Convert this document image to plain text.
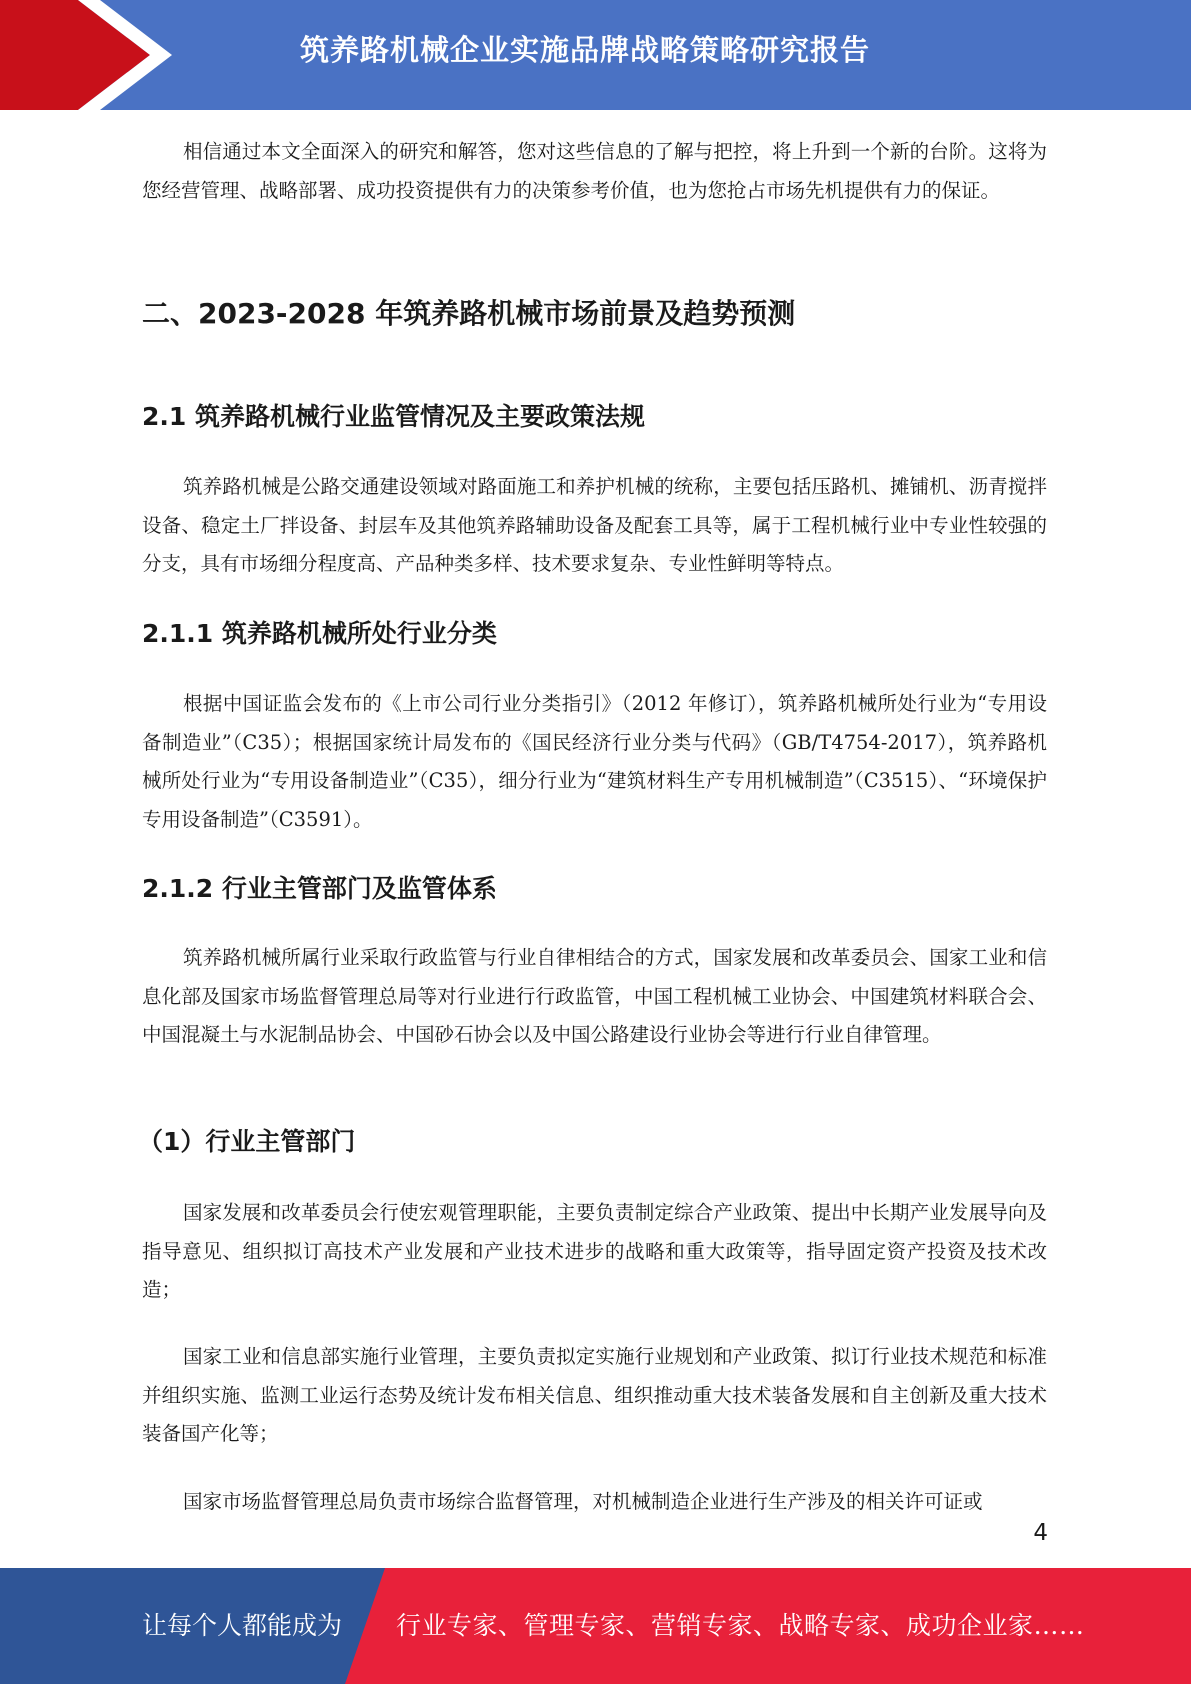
筑养路机械企业实施品牌战略策略研究报告

相信通过本文全面深入的研究和解答，您对这些信息的了解与把控，将上升到一个新的台阶。这将为您经营管理、战略部署、成功投资提供有力的决策参考价值，也为您抢占市场先机提供有力的保证。

二、2023-2028 年筑养路机械市场前景及趋势预测
2.1 筑养路机械行业监管情况及主要政策法规

筑养路机械是公路交通建设领域对路面施工和养护机械的统称，主要包括压路机、摊铺机、沥青搅拌设备、稳定土厂拌设备、封层车及其他筑养路辅助设备及配套工具等，属于工程机械行业中专业性较强的分支，具有市场细分程度高、产品种类多样、技术要求复杂、专业性鲜明等特点。

2.1.1 筑养路机械所处行业分类

根据中国证监会发布的《上市公司行业分类指引》（2012 年修订），筑养路机械所处行业为“专用设备制造业”（C35）；根据国家统计局发布的《国民经济行业分类与代码》（GB/T4754-2017），筑养路机械所处行业为“专用设备制造业”（C35），细分行业为“建筑材料生产专用机械制造”（C3515）、“环境保护专用设备制造”（C3591）。

2.1.2 行业主管部门及监管体系

筑养路机械所属行业采取行政监管与行业自律相结合的方式，国家发展和改革委员会、国家工业和信息化部及国家市场监督管理总局等对行业进行行政监管，中国工程机械工业协会、中国建筑材料联合会、中国混凝土与水泥制品协会、中国砂石协会以及中国公路建设行业协会等进行行业自律管理。

（1）行业主管部门

国家发展和改革委员会行使宏观管理职能，主要负责制定综合产业政策、提出中长期产业发展导向及指导意见、组织拟订高技术产业发展和产业技术进步的战略和重大政策等，指导固定资产投资及技术改造；

国家工业和信息部实施行业管理，主要负责拟定实施行业规划和产业政策、拟订行业技术规范和标准并组织实施、监测工业运行态势及统计发布相关信息、组织推动重大技术装备发展和自主创新及重大技术装备国产化等；

国家市场监督管理总局负责市场综合监督管理，对机械制造企业进行生产涉及的相关许可证或

4
让每个人都能成为 行业专家、管理专家、营销专家、战略专家、成功企业家……
